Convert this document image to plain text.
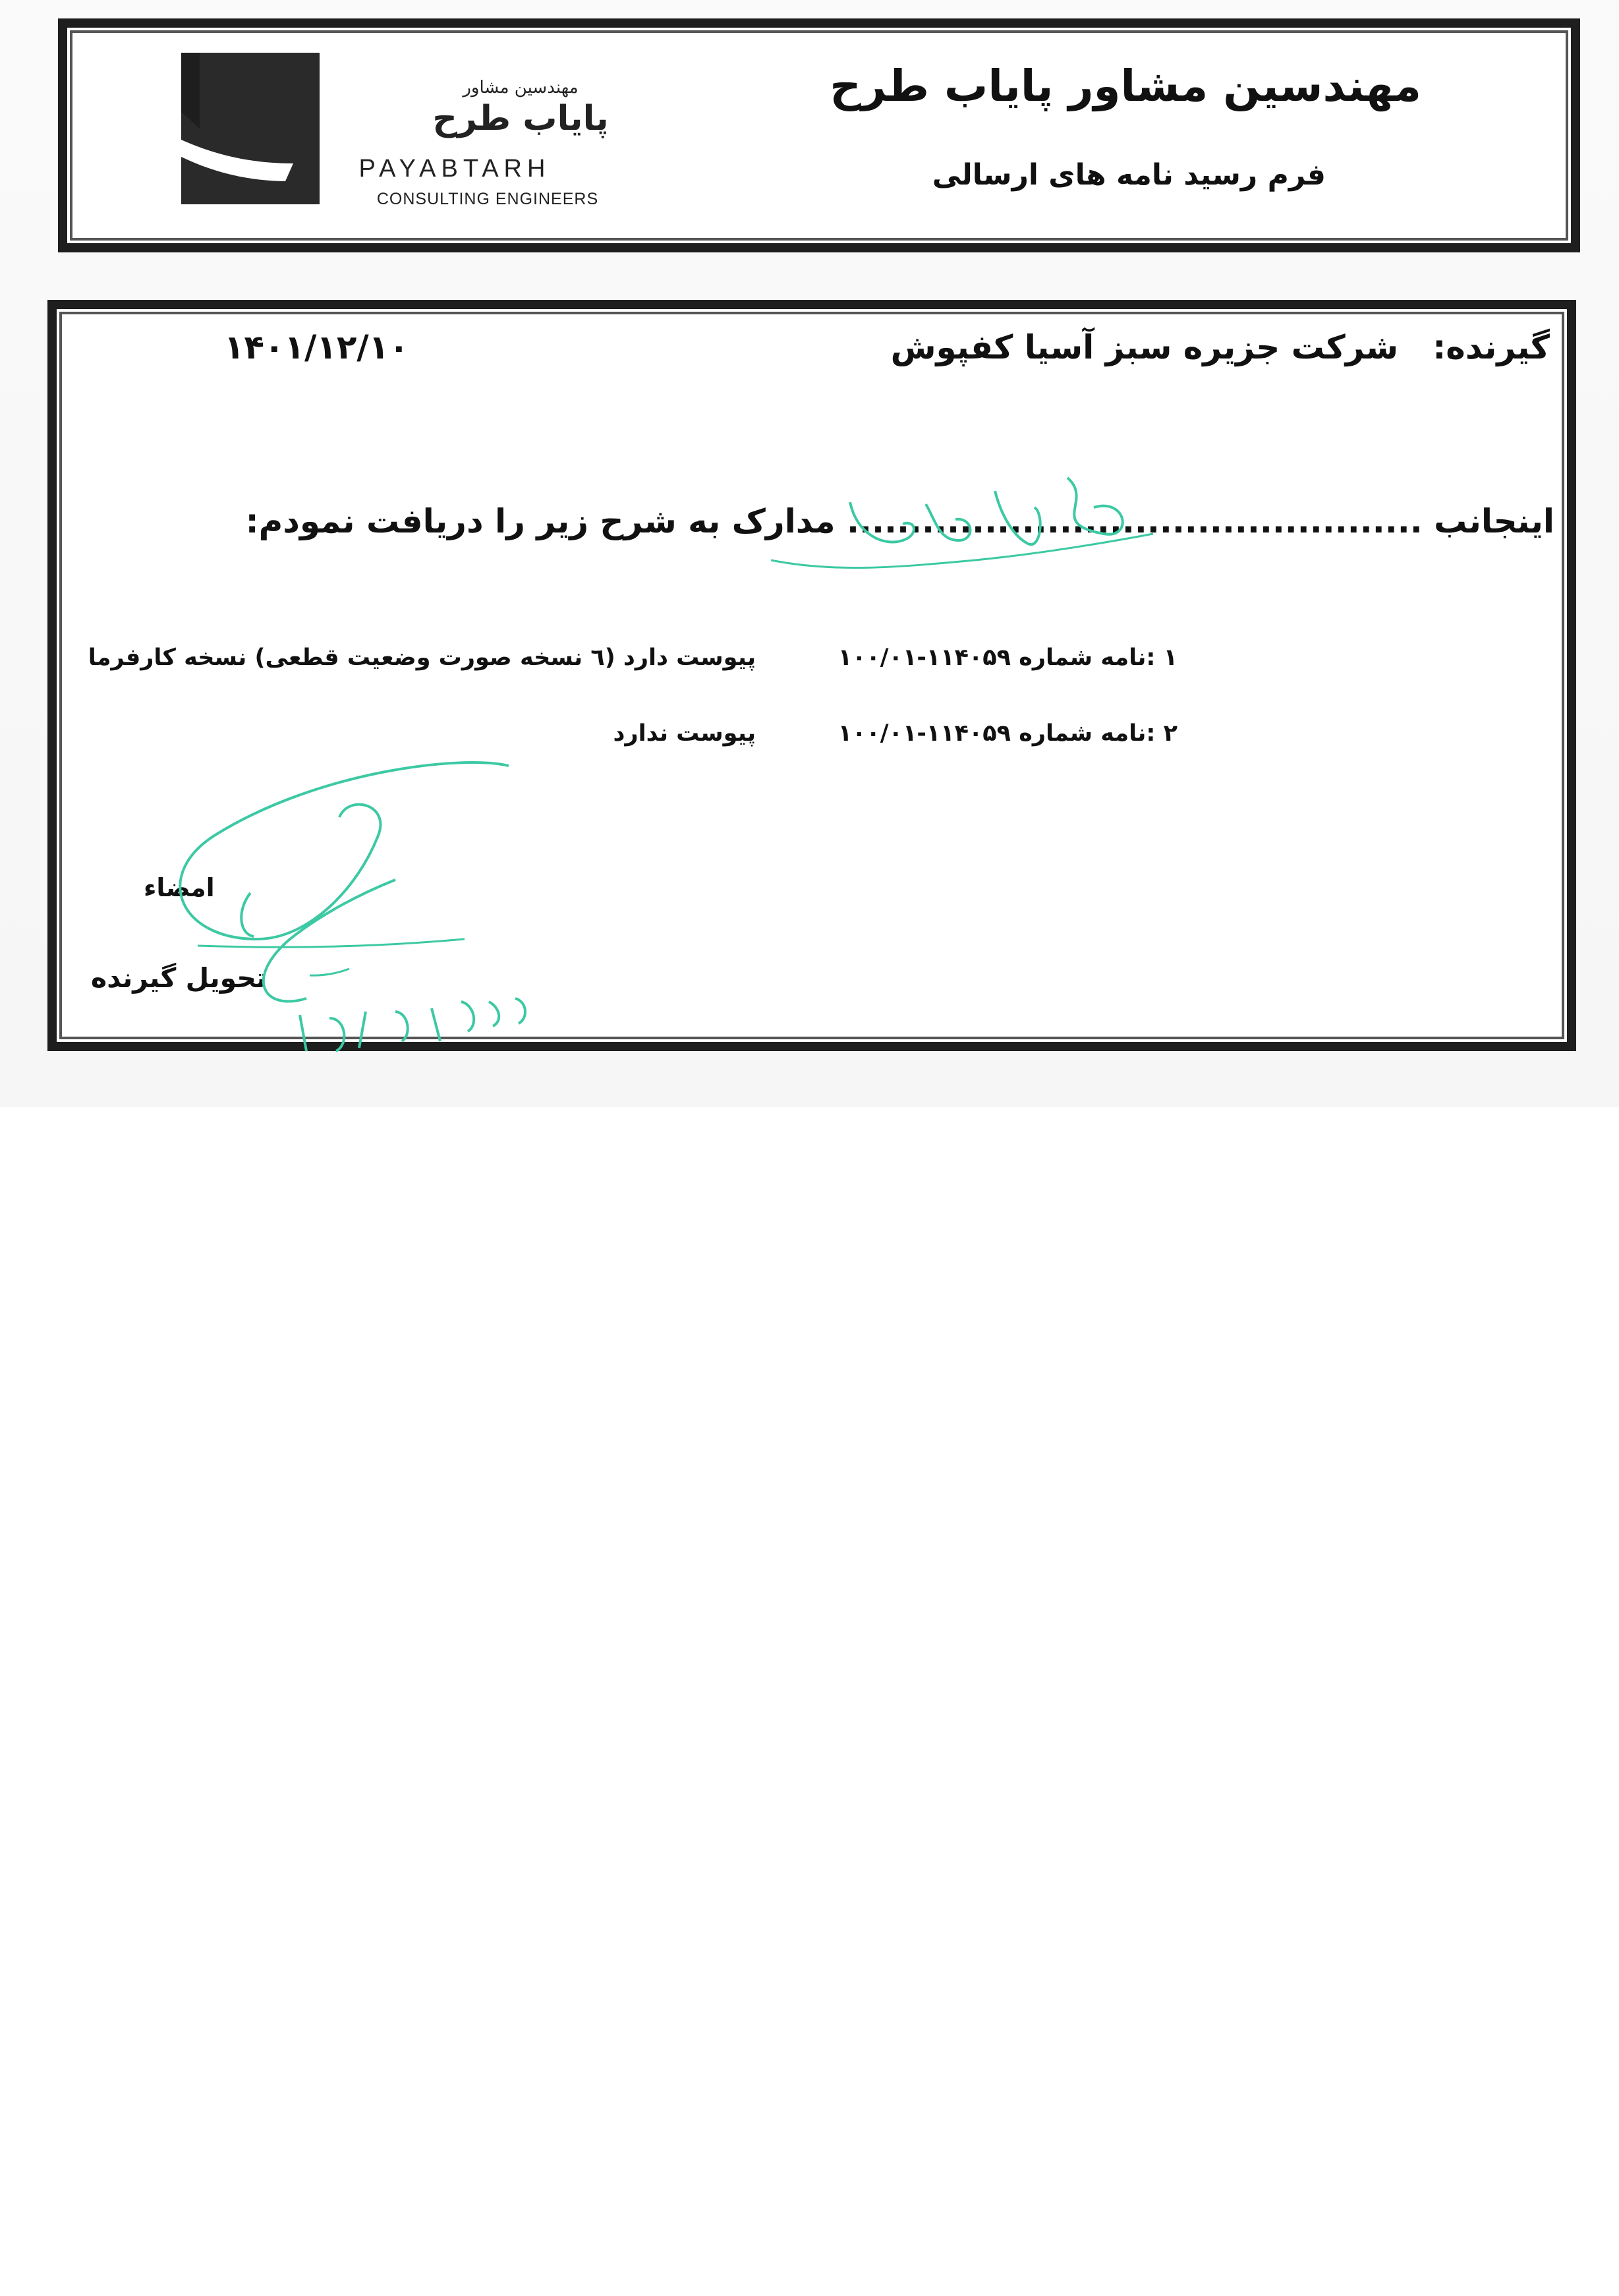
مهندسین مشاور
پایاب طرح
PAYABTARH
CONSULTING ENGINEERS
مهندسین مشاور پایاب طرح
فرم رسید نامه های ارسالی
گیرنده:
شرکت جزیره سبز آسیا کفپوش
۱۴۰۱/۱۲/۱۰
اینجانب .............................................. مدارک به شرح زیر را دریافت نمودم:
۱ :نامه شماره ۱۱۴۰۵۹-۱۰۰/۰۱
پیوست دارد (٦ نسخه صورت وضعیت قطعی) نسخه کارفرما
۲ :نامه شماره ۱۱۴۰۵۹-۱۰۰/۰۱
پیوست ندارد
امضاء
تحویل گیرنده
